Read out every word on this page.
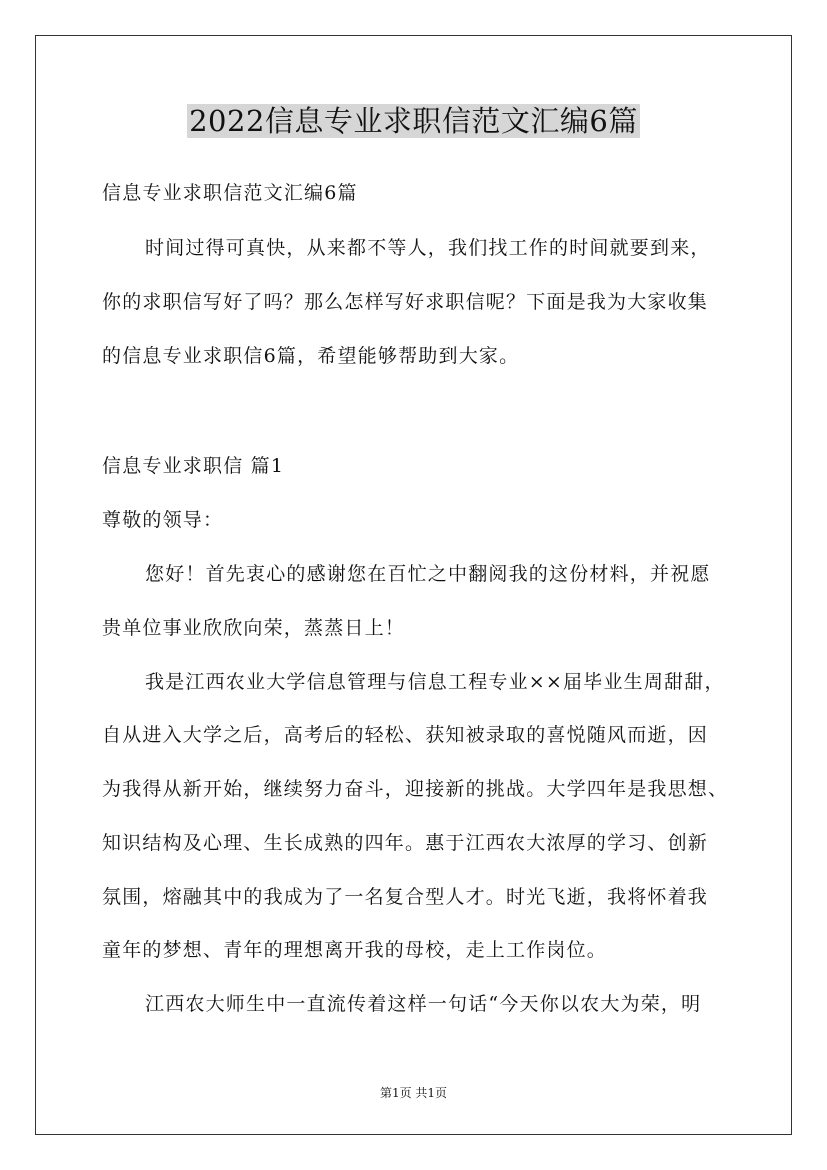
2022信息专业求职信范文汇编6篇
信息专业求职信范文汇编6篇
时间过得可真快，从来都不等人，我们找工作的时间就要到来，
你的求职信写好了吗？那么怎样写好求职信呢？下面是我为大家收集
的信息专业求职信6篇，希望能够帮助到大家。
信息专业求职信 篇1
尊敬的领导：
您好！首先衷心的感谢您在百忙之中翻阅我的这份材料，并祝愿
贵单位事业欣欣向荣，蒸蒸日上！
我是江西农业大学信息管理与信息工程专业××届毕业生周甜甜，
自从进入大学之后，高考后的轻松、获知被录取的喜悦随风而逝，因
为我得从新开始，继续努力奋斗，迎接新的挑战。大学四年是我思想、
知识结构及心理、生长成熟的四年。惠于江西农大浓厚的学习、创新
氛围，熔融其中的我成为了一名复合型人才。时光飞逝，我将怀着我
童年的梦想、青年的理想离开我的母校，走上工作岗位。
江西农大师生中一直流传着这样一句话“今天你以农大为荣，明
第1页 共1页
